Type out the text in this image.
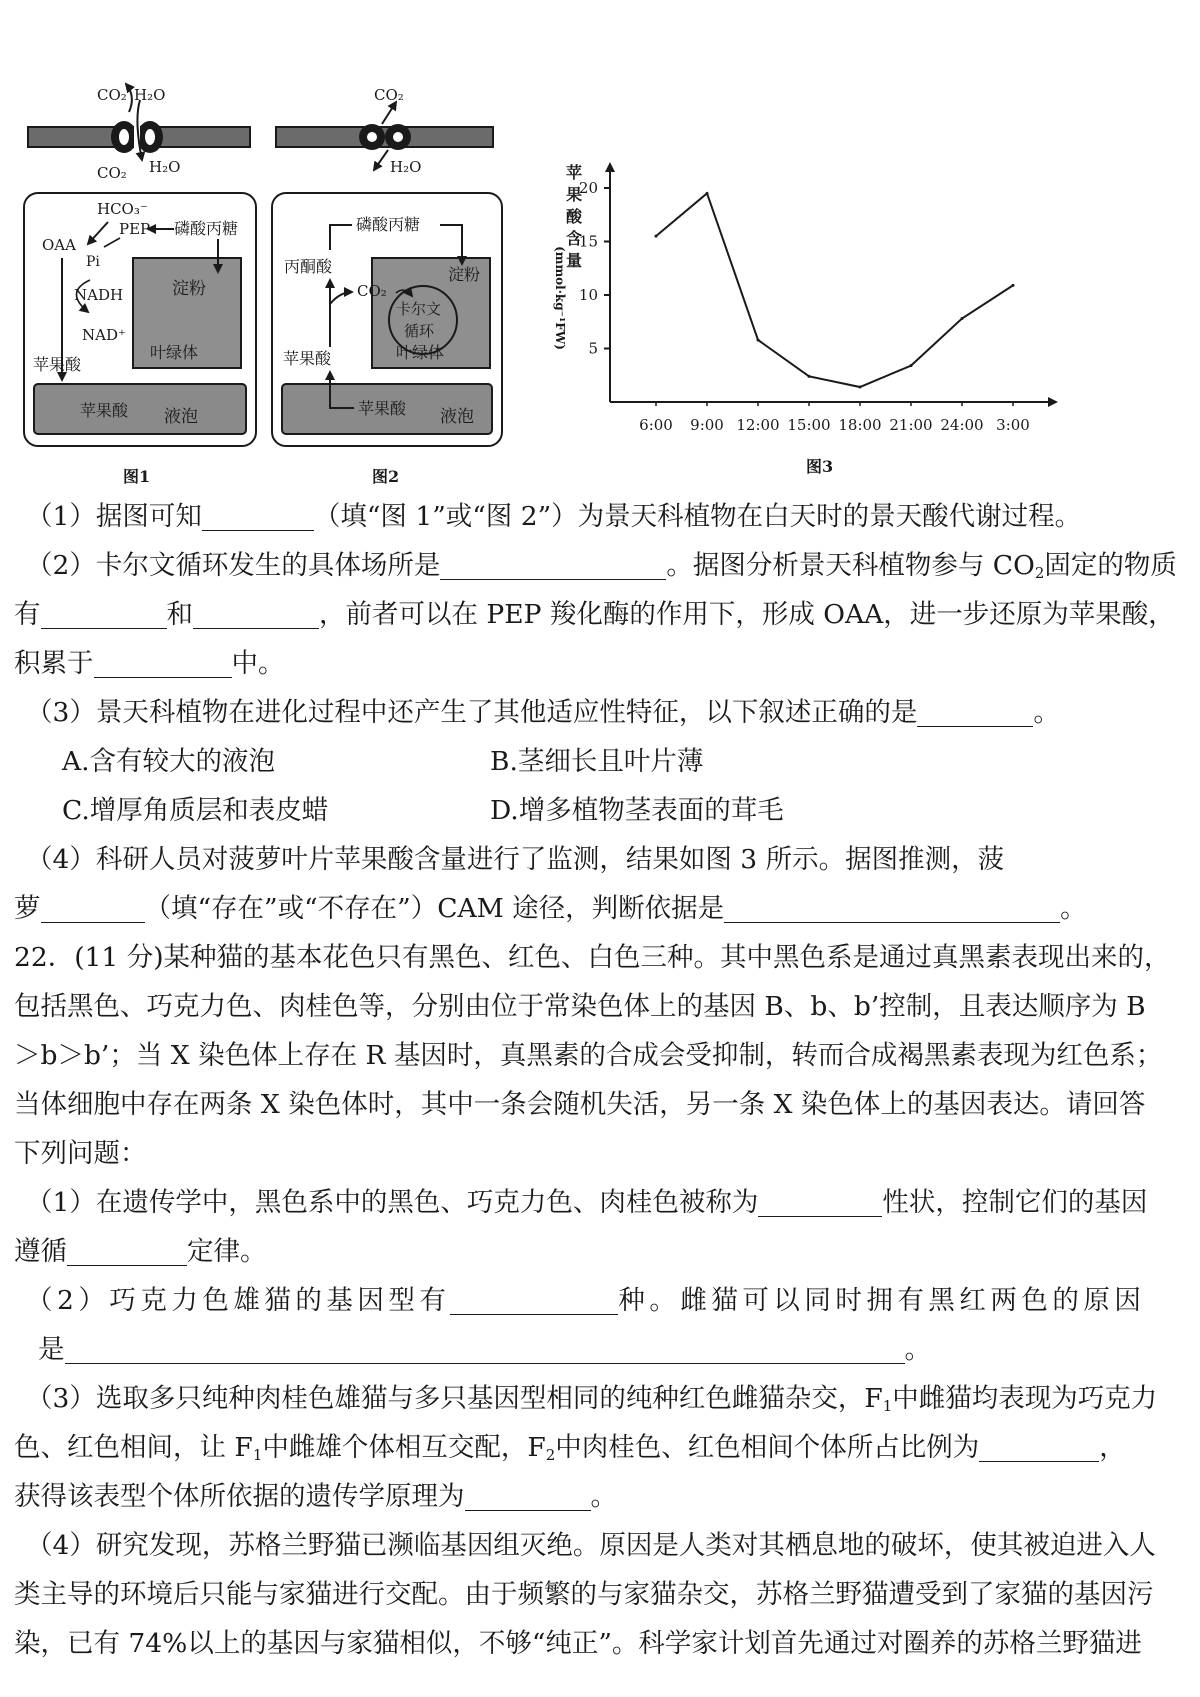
CO₂ H₂O
CO₂ H₂O
HCO₃⁻
PEP 磷酸丙糖
OAA
Pi
NADH
NAD⁺
苹果酸
淀粉
叶绿体
苹果酸 液泡
图1
CO₂
H₂O
磷酸丙糖
丙酮酸
CO₂
卡尔文
循环
淀粉
叶绿体
苹果酸
苹果酸 液泡
图2
苹
果
酸
含
量
(mmol·kg⁻¹FW) 5
10
15
20
6:00 9:00 12:00 15:00 18:00 21:00 24:00 3:00
图3
（1）据图可知	（填“图 1”或“图 2”）为景天科植物在白天时的景天酸代谢过程。
（2）卡尔文循环发生的具体场所是	。据图分析景天科植物参与 $CO_2$固定的物质
有	和	，前者可以在 PEP 羧化酶的作用下，形成 OAA，进一步还原为苹果酸，
积累于	中。
（3）景天科植物在进化过程中还产生了其他适应性特征，以下叙述正确的是	。
A.含有较大的液泡	B.茎细长且叶片薄
C.增厚角质层和表皮蜡	D.增多植物茎表面的茸毛
（4）科研人员对菠萝叶片苹果酸含量进行了监测，结果如图 3 所示。据图推测，菠
萝	（填“存在”或“不存在”）CAM 途径，判断依据是	。
22．(11 分)某种猫的基本花色只有黑色、红色、白色三种。其中黑色系是通过真黑素表现出来的，
包括黑色、巧克力色、肉桂色等，分别由位于常染色体上的基因 B、b、b’控制，且表达顺序为 B
＞b＞b’；当 X 染色体上存在 R 基因时，真黑素的合成会受抑制，转而合成褐黑素表现为红色系；
当体细胞中存在两条 X 染色体时，其中一条会随机失活，另一条 X 染色体上的基因表达。请回答
下列问题：
（1）在遗传学中，黑色系中的黑色、巧克力色、肉桂色被称为	性状，控制它们的基因
遵循	定律。
（2）巧克力色雄猫的基因型有	种。雌猫可以同时拥有黑红两色的原因
是	。
（3）选取多只纯种肉桂色雄猫与多只基因型相同的纯种红色雌猫杂交，$F_1$中雌猫均表现为巧克力
色、红色相间，让 $F_1$中雌雄个体相互交配，$F_2$中肉桂色、红色相间个体所占比例为	，
获得该表型个体所依据的遗传学原理为	。
（4）研究发现，苏格兰野猫已濒临基因组灭绝。原因是人类对其栖息地的破坏，使其被迫进入人
类主导的环境后只能与家猫进行交配。由于频繁的与家猫杂交，苏格兰野猫遭受到了家猫的基因污
染，已有 74%以上的基因与家猫相似，不够“纯正”。科学家计划首先通过对圈养的苏格兰野猫进
